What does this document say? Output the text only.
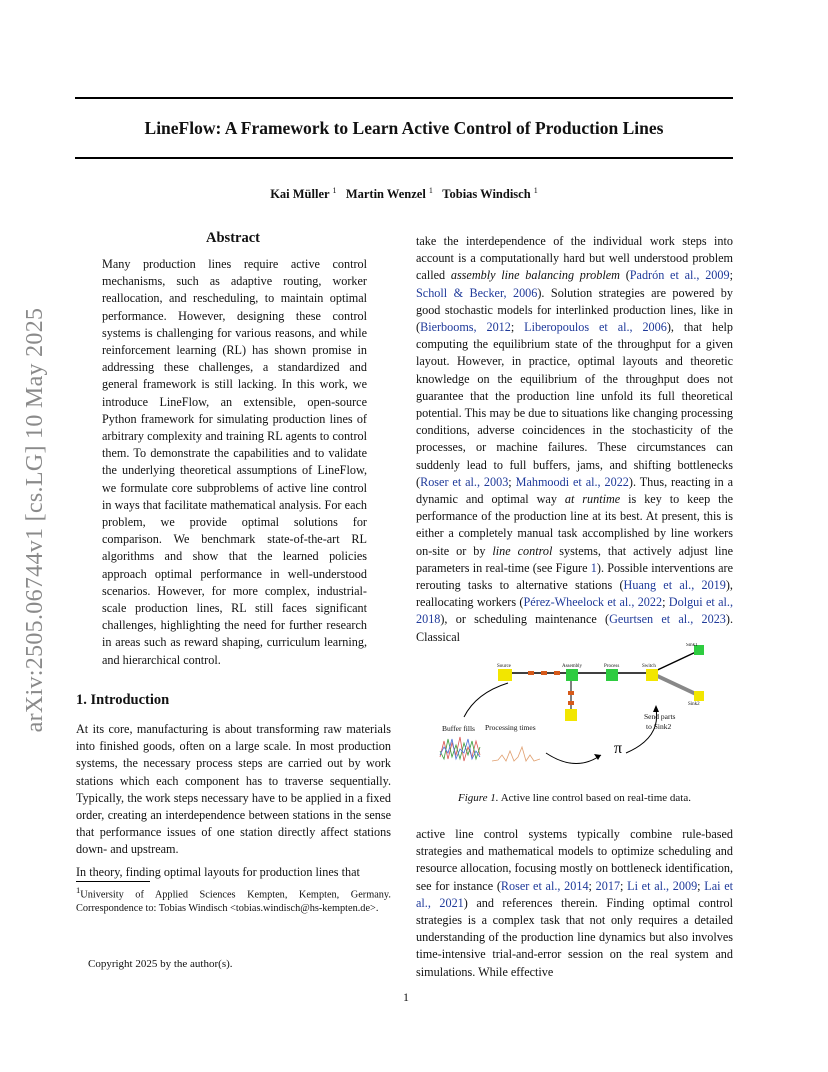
LineFlow: A Framework to Learn Active Control of Production Lines
Kai Müller $^1$ Martin Wenzel $^1$ Tobias Windisch $^1$
arXiv:2505.06744v1 [cs.LG] 10 May 2025
Abstract

Many production lines require active control mechanisms, such as adaptive routing, worker reallocation, and rescheduling, to maintain optimal performance. However, designing these control systems is challenging for various reasons, and while reinforcement learning (RL) has shown promise in addressing these challenges, a standardized and general framework is still lacking. In this work, we introduce LineFlow, an extensible, open-source Python framework for simulating production lines of arbitrary complexity and training RL agents to control them. To demonstrate the capabilities and to validate the underlying theoretical assumptions of LineFlow, we formulate core subproblems of active line control in ways that facilitate mathematical analysis. For each problem, we provide optimal solutions for comparison. We benchmark state-of-the-art RL algorithms and show that the learned policies approach optimal performance in well-understood scenarios. However, for more complex, industrial-scale production lines, RL still faces significant challenges, highlighting the need for further research in areas such as reward shaping, curriculum learning, and hierarchical control.

1. Introduction

At its core, manufacturing is about transforming raw materials into finished goods, often on a large scale. In most production systems, the necessary process steps are carried out by work stations which each component has to traverse sequentially. Typically, the work steps necessary have to be applied in a fixed order, creating an interdependence between stations in the sense that performance issues of one station directly affect stations down- and upstream.

In theory, finding optimal layouts for production lines that

$^1$University of Applied Sciences Kempten, Kempten, Germany. Correspondence to: Tobias Windisch <tobias.windisch@hs-kempten.de>.
Copyright 2025 by the author(s).

take the interdependence of the individual work steps into account is a computationally hard but well understood problem called assembly line balancing problem (Padrón et al., 2009; Scholl & Becker, 2006). Solution strategies are powered by good stochastic models for interlinked production lines, like in (Bierbooms, 2012; Liberopoulos et al., 2006), that help computing the equilibrium state of the throughput for a given layout. However, in practice, optimal layouts and theoretic knowledge on the equilibrium of the throughput does not guarantee that the production line unfold its full theoretical potential. This may be due to situations like changing processing conditions, adverse coincidences in the stochasticity of the processes, or machine failures. These circumstances can suddenly lead to full buffers, jams, and shifting bottlenecks (Roser et al., 2003; Mahmoodi et al., 2022). Thus, reacting in a dynamic and optimal way at runtime is key to keep the performance of the production line at its best. At present, this is either a completely manual task accomplished by line workers on-site or by line control systems, that actively adjust line parameters in real-time (see Figure 1). Possible interventions are rerouting tasks to alternative stations (Huang et al., 2019), reallocating workers (Pérez-Wheelock et al., 2022; Dolgui et al., 2018), or scheduling maintenance (Geurtsen et al., 2023). Classical

Source	Assembly	Process	Switch
Sink1
Sink2
Buffer fills Processing times
Send parts
to Sink2
π
Figure 1. Active line control based on real-time data.

active line control systems typically combine rule-based strategies and mathematical models to optimize scheduling and resource allocation, focusing mostly on bottleneck identification, see for instance (Roser et al., 2014; 2017; Li et al., 2009; Lai et al., 2021) and references therein. Finding optimal control strategies is a complex task that not only requires a detailed understanding of the production line dynamics but also involves time-intensive trial-and-error session on the real system and simulations. While effective

1
